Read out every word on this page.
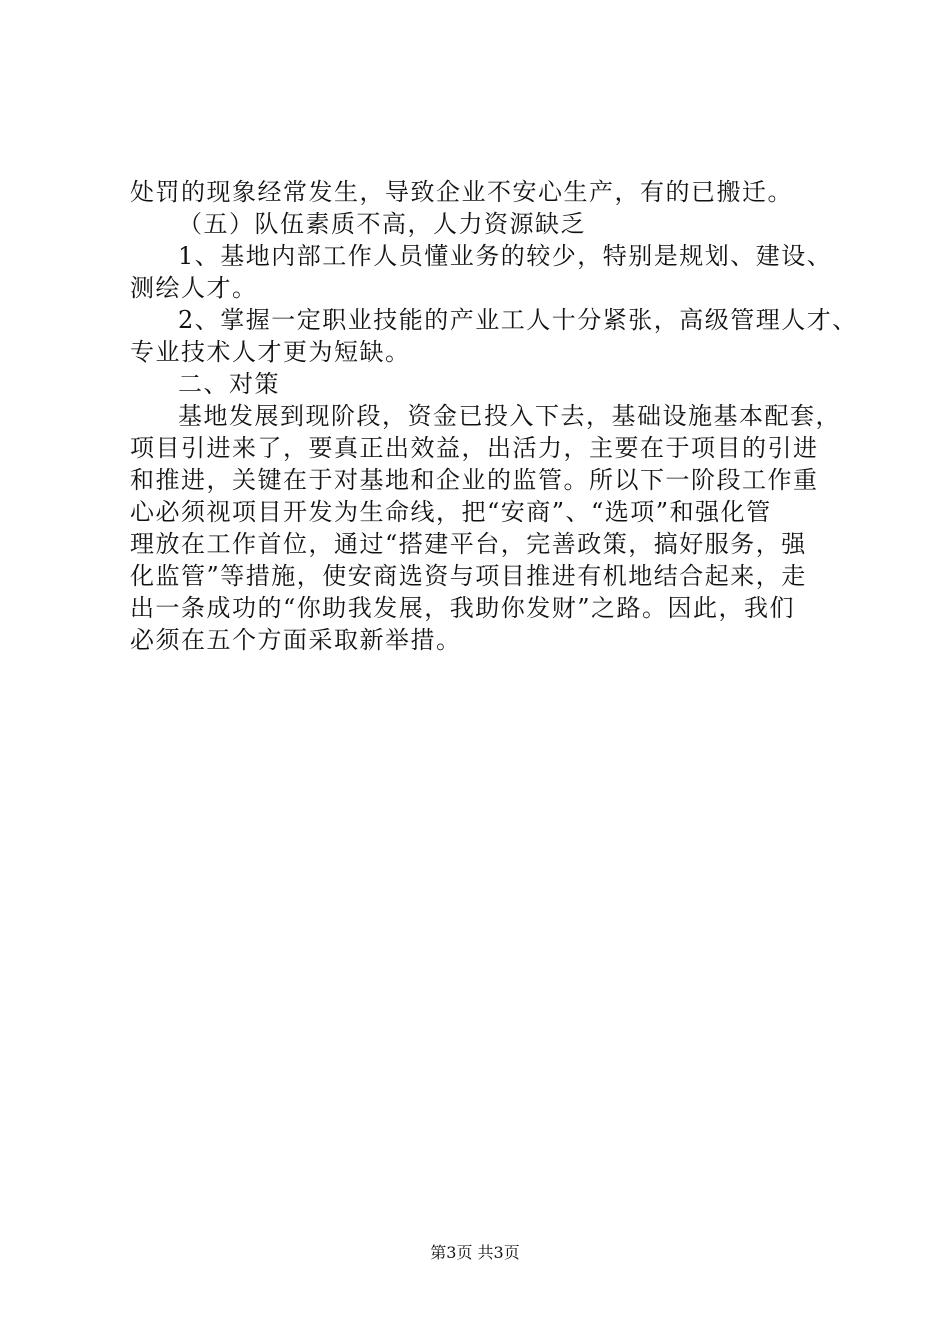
处罚的现象经常发生，导致企业不安心生产，有的已搬迁。
（五）队伍素质不高，人力资源缺乏
1、基地内部工作人员懂业务的较少，特别是规划、建设、
测绘人才。
2、掌握一定职业技能的产业工人十分紧张，高级管理人才、
专业技术人才更为短缺。
二、对策
基地发展到现阶段，资金已投入下去，基础设施基本配套，
项目引进来了，要真正出效益，出活力，主要在于项目的引进
和推进，关键在于对基地和企业的监管。所以下一阶段工作重
心必须视项目开发为生命线，把“安商”、“选项”和强化管
理放在工作首位，通过“搭建平台，完善政策，搞好服务，强
化监管”等措施，使安商选资与项目推进有机地结合起来，走
出一条成功的“你助我发展，我助你发财”之路。因此，我们
必须在五个方面采取新举措。
第3页 共3页
